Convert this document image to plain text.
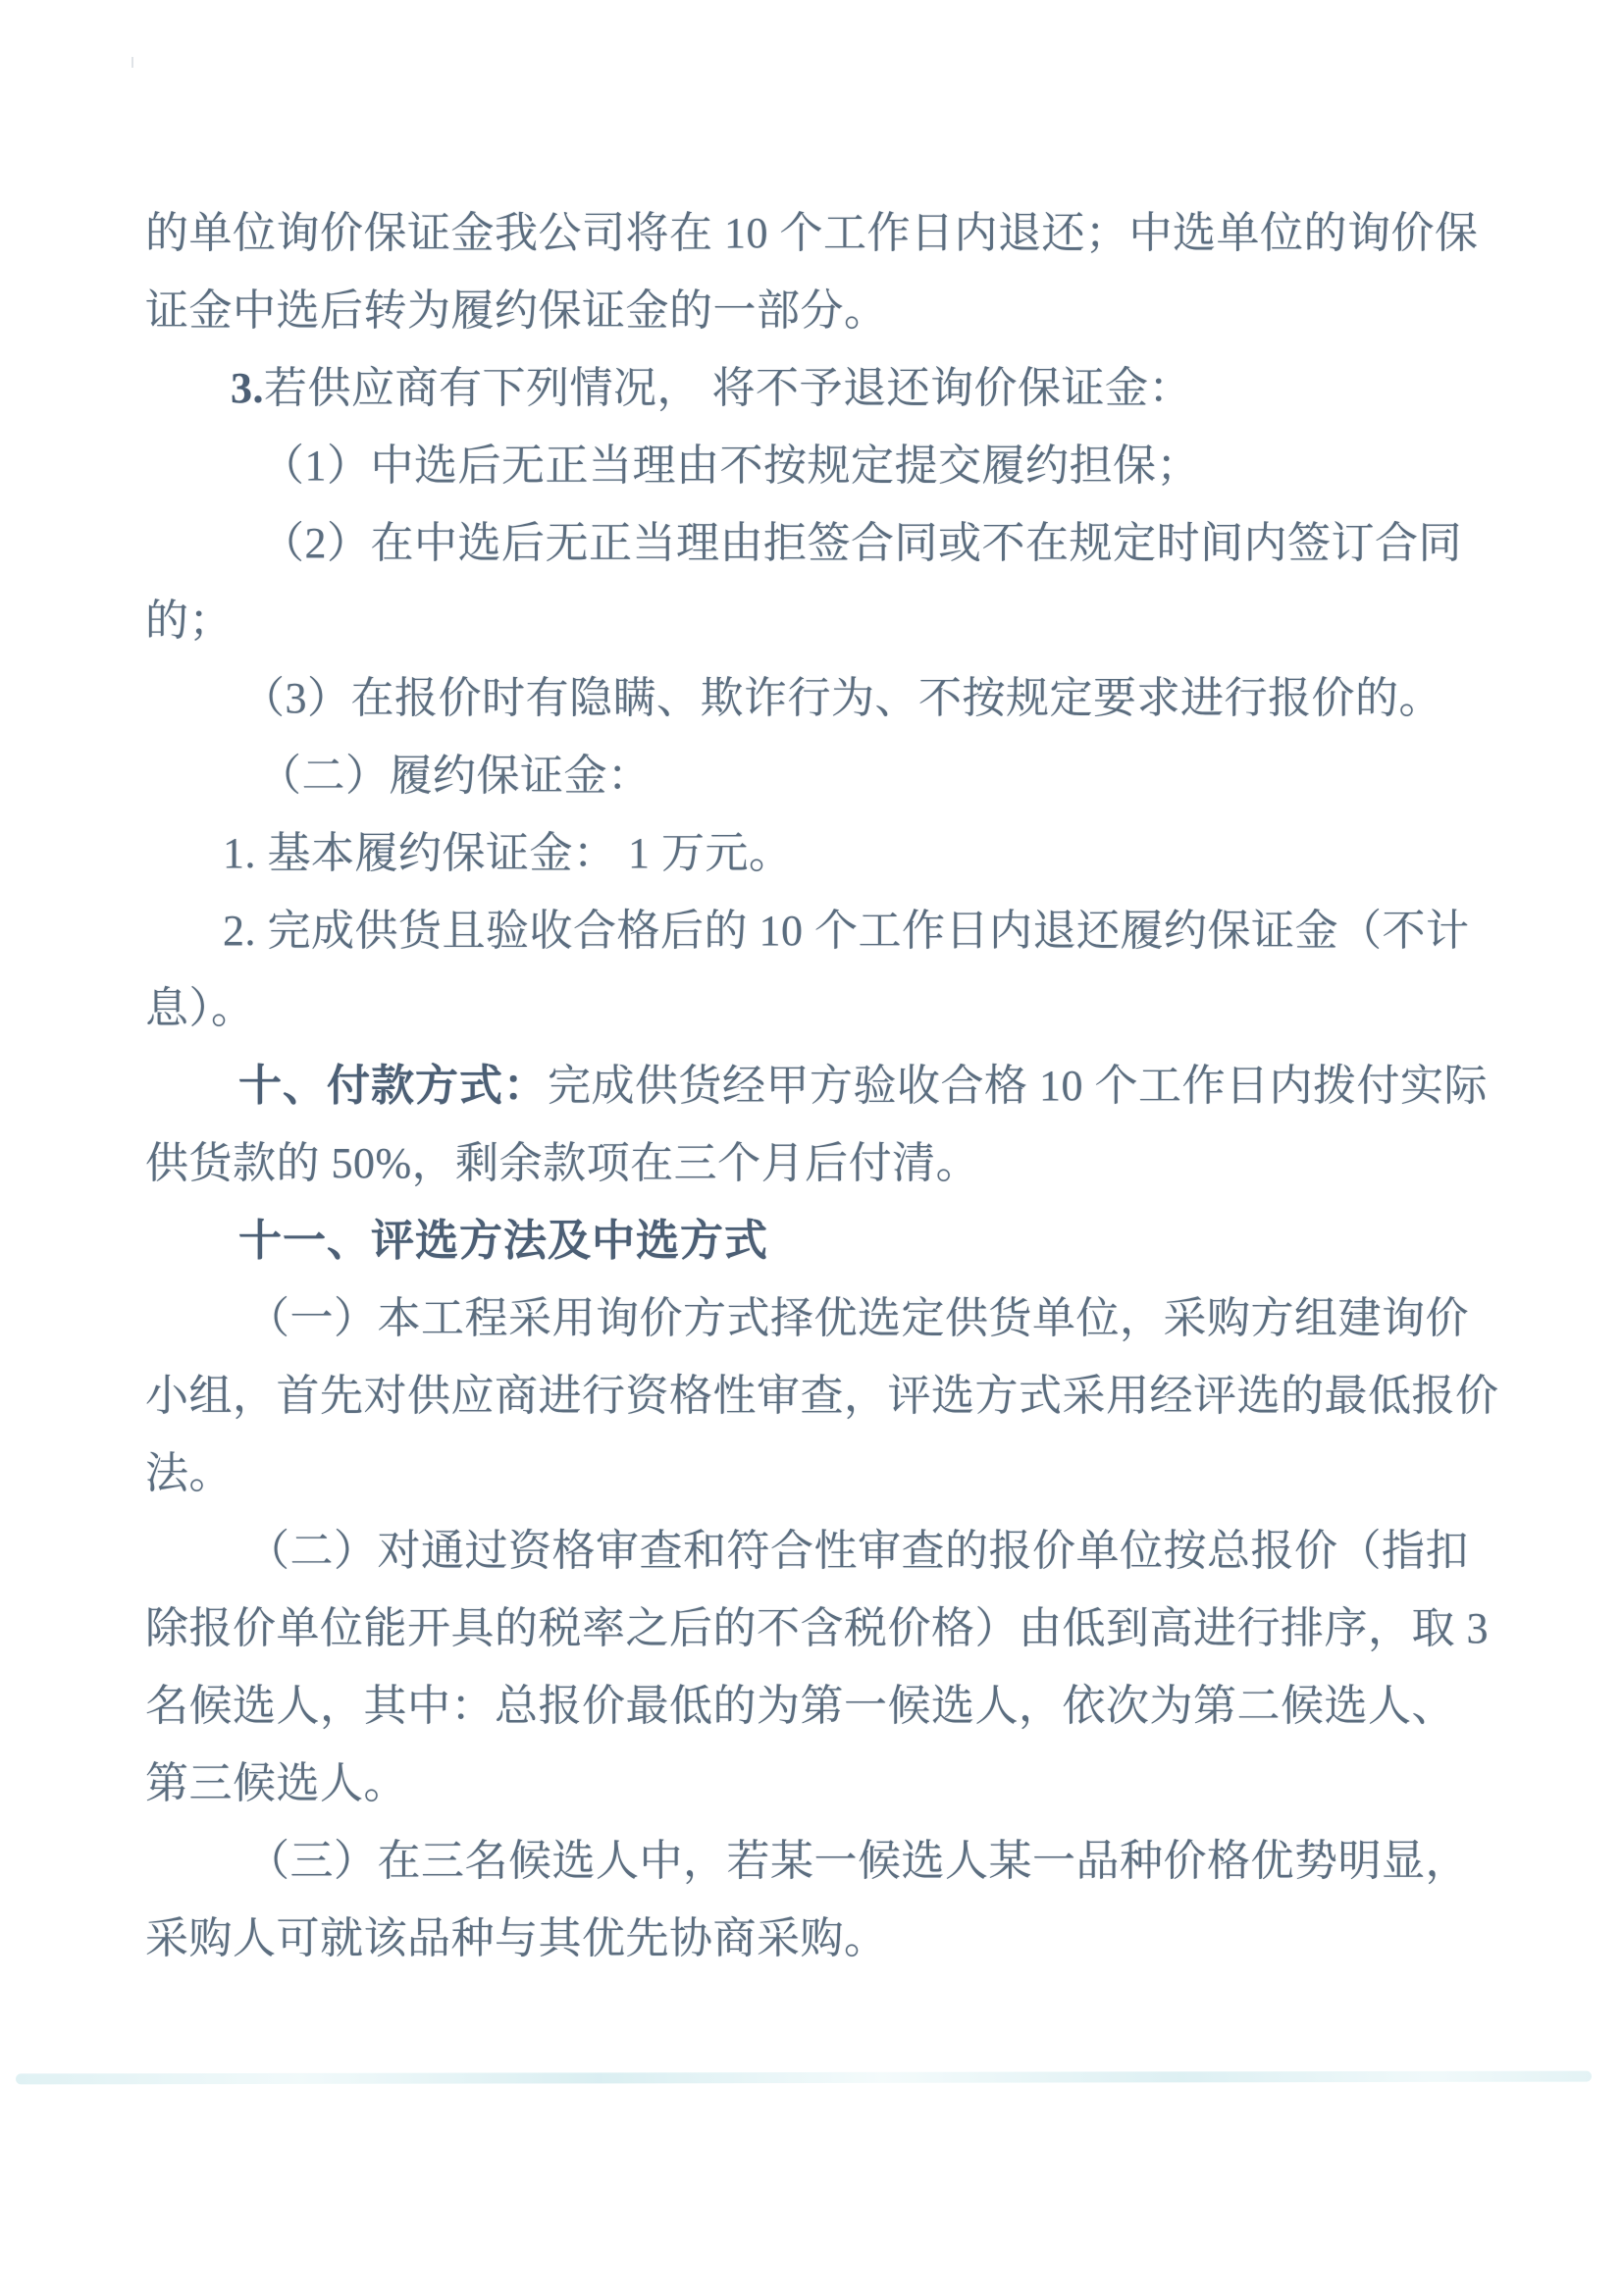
的单位询价保证金我公司将在 10 个工作日内退还；中选单位的询价保
证金中选后转为履约保证金的一部分。
3.若供应商有下列情况， 将不予退还询价保证金：
（1）中选后无正当理由不按规定提交履约担保；
（2）在中选后无正当理由拒签合同或不在规定时间内签订合同
的；
（3）在报价时有隐瞒、欺诈行为、不按规定要求进行报价的。
（二）履约保证金：
1. 基本履约保证金： 1 万元。
2. 完成供货且验收合格后的 10 个工作日内退还履约保证金（不计
息）。
十、付款方式：完成供货经甲方验收合格 10 个工作日内拨付实际
供货款的 50%，剩余款项在三个月后付清。
十一、评选方法及中选方式
（一）本工程采用询价方式择优选定供货单位，采购方组建询价
小组，首先对供应商进行资格性审查，评选方式采用经评选的最低报价
法。
（二）对通过资格审查和符合性审查的报价单位按总报价（指扣
除报价单位能开具的税率之后的不含税价格）由低到高进行排序，取 3
名候选人，其中：总报价最低的为第一候选人，依次为第二候选人、
第三候选人。
（三）在三名候选人中，若某一候选人某一品种价格优势明显，
采购人可就该品种与其优先协商采购。
